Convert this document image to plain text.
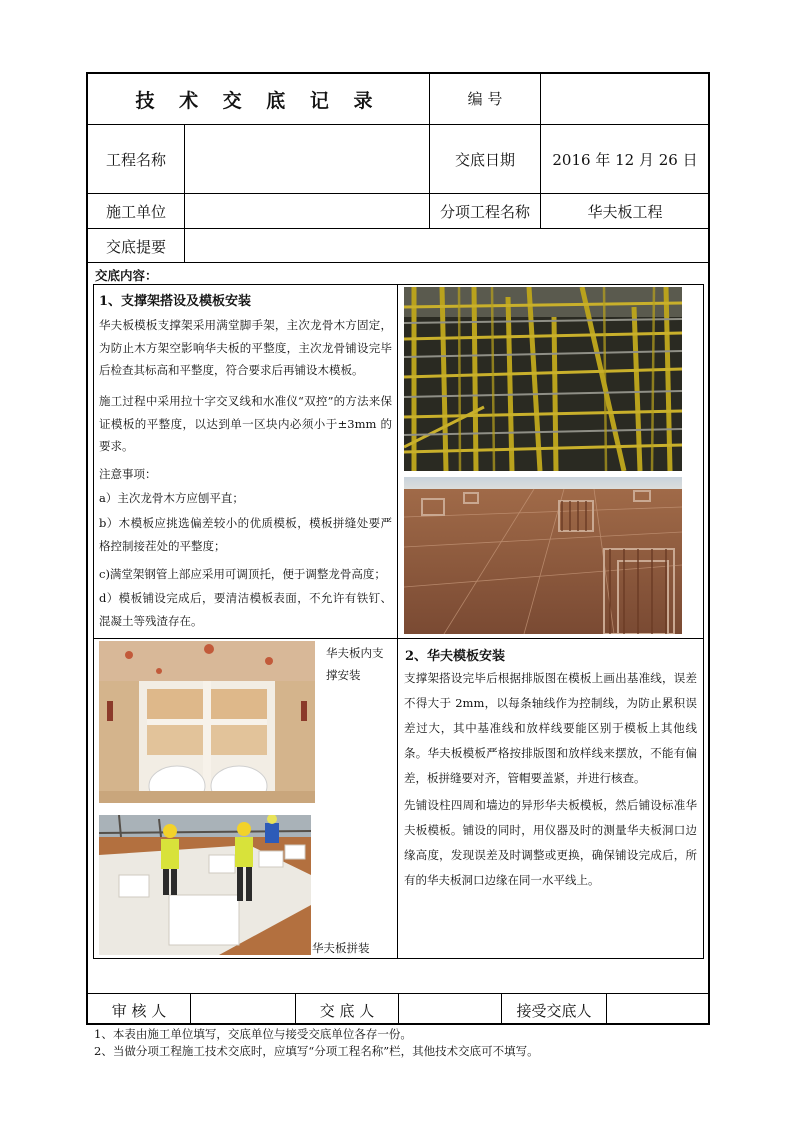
技 术 交 底 记 录	编 号
工程名称	交底日期	2016 年 12 月 26 日
施工单位	分项工程名称	华夫板工程
交底提要
交底内容：
1、支撑架搭设及模板安装
华夫板模板支撑架采用满堂脚手架，主次龙骨木方固定，为防止木方架空影响华夫板的平整度，主次龙骨铺设完毕后检查其标高和平整度，符合要求后再铺设木模板。
施工过程中采用拉十字交叉线和水准仪“双控”的方法来保证模板的平整度，以达到单一区块内必须小于±3mm 的要求。
注意事项：
a）主次龙骨木方应刨平直；
b）木模板应挑选偏差较小的优质模板，模板拼缝处要严格控制接茬处的平整度；
c)满堂架钢管上部应采用可调顶托，便于调整龙骨高度；
d）模板铺设完成后，要清洁模板表面，不允许有铁钉、混凝土等残渣存在。
华夫板内支撑安装
华夫板拼装
2、华夫模板安装
支撑架搭设完毕后根据排版图在模板上画出基准线，误差不得大于 2mm，以每条轴线作为控制线，为防止累积误差过大，其中基准线和放样线要能区别于模板上其他线条。华夫板模板严格按排版图和放样线来摆放，不能有偏差，板拼缝要对齐，管帽要盖紧，并进行核查。
先铺设柱四周和墙边的异形华夫板模板，然后铺设标准华夫板模板。铺设的同时，用仪器及时的测量华夫板洞口边缘高度，发现误差及时调整或更换，确保铺设完成后，所有的华夫板洞口边缘在同一水平线上。
审 核 人	交 底 人	接受交底人
1、本表由施工单位填写，交底单位与接受交底单位各存一份。
2、当做分项工程施工技术交底时，应填写“分项工程名称”栏，其他技术交底可不填写。
